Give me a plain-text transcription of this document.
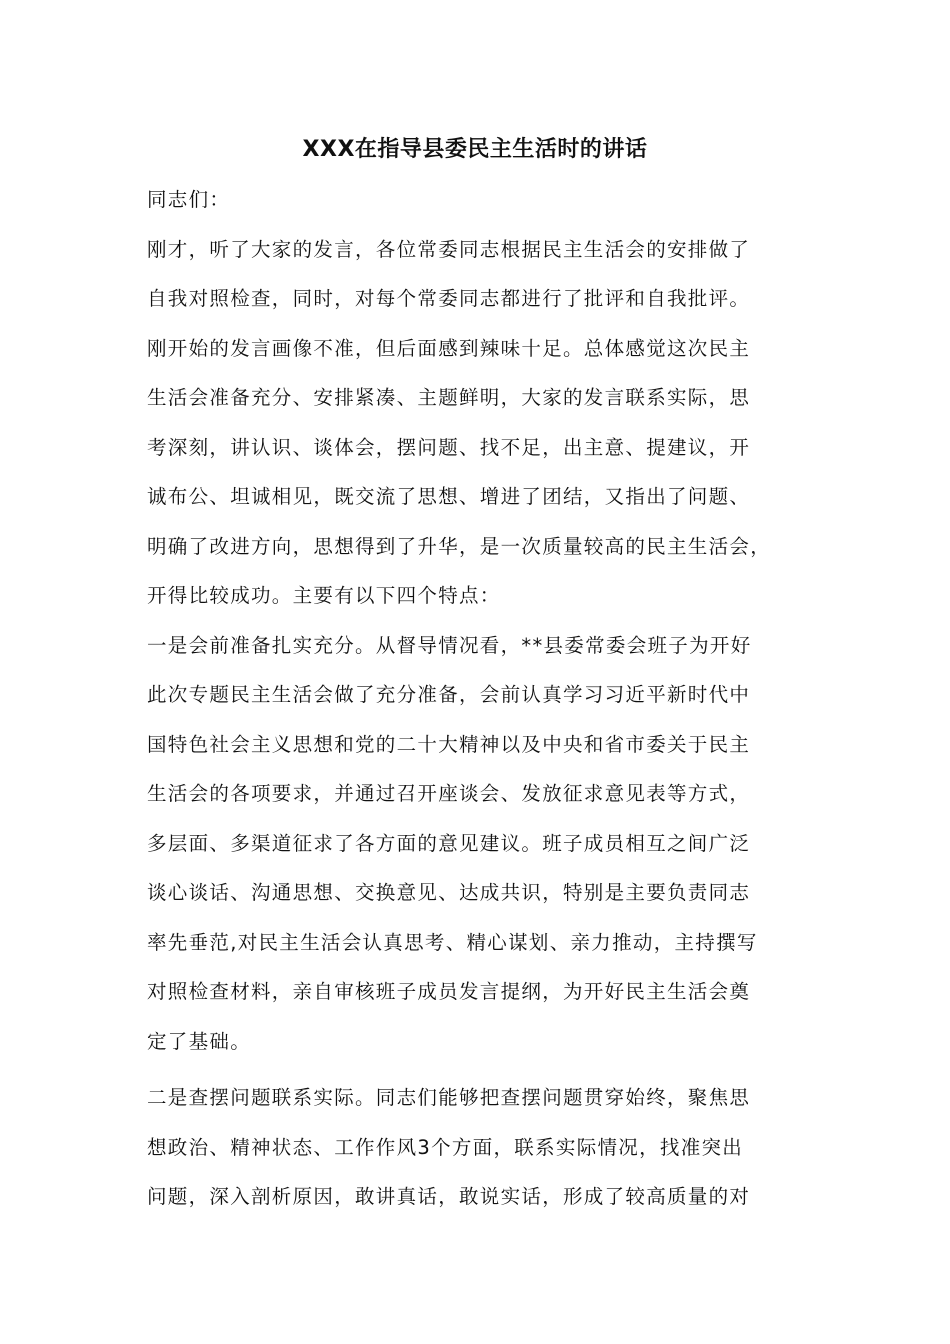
XXX在指导县委民主生活时的讲话
同志们：
刚才，听了大家的发言，各位常委同志根据民主生活会的安排做了
自我对照检查，同时，对每个常委同志都进行了批评和自我批评。
刚开始的发言画像不准，但后面感到辣味十足。总体感觉这次民主
生活会准备充分、安排紧凑、主题鲜明，大家的发言联系实际，思
考深刻，讲认识、谈体会，摆问题、找不足，出主意、提建议，开
诚布公、坦诚相见，既交流了思想、增进了团结，又指出了问题、
明确了改进方向，思想得到了升华，是一次质量较高的民主生活会，
开得比较成功。主要有以下四个特点：
一是会前准备扎实充分。从督导情况看，**县委常委会班子为开好
此次专题民主生活会做了充分准备，会前认真学习习近平新时代中
国特色社会主义思想和党的二十大精神以及中央和省市委关于民主
生活会的各项要求，并通过召开座谈会、发放征求意见表等方式，
多层面、多渠道征求了各方面的意见建议。班子成员相互之间广泛
谈心谈话、沟通思想、交换意见、达成共识，特别是主要负责同志
率先垂范,对民主生活会认真思考、精心谋划、亲力推动，主持撰写
对照检查材料，亲自审核班子成员发言提纲，为开好民主生活会奠
定了基础。
二是查摆问题联系实际。同志们能够把查摆问题贯穿始终，聚焦思
想政治、精神状态、工作作风3个方面，联系实际情况，找准突出
问题，深入剖析原因，敢讲真话，敢说实话，形成了较高质量的对
